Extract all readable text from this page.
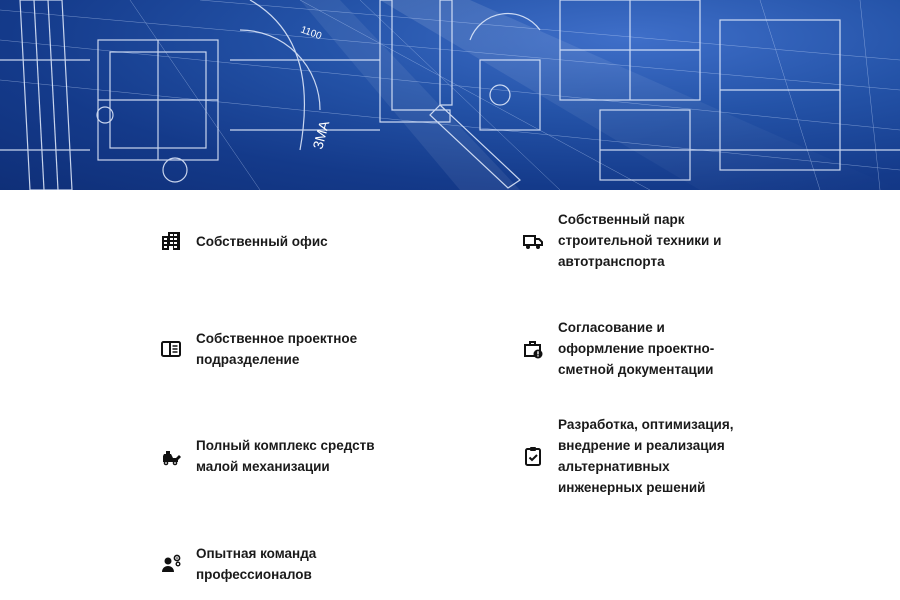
1100
3MA
Собственный офис
Собственный парк
строительной техники и
автотранспорта
Собственное проектное
подразделение
Согласование и
оформление проектно-
сметной документации
Полный комплекс средств
малой механизации
Разработка, оптимизация,
внедрение и реализация
альтернативных
инженерных решений
Опытная команда
профессионалов
